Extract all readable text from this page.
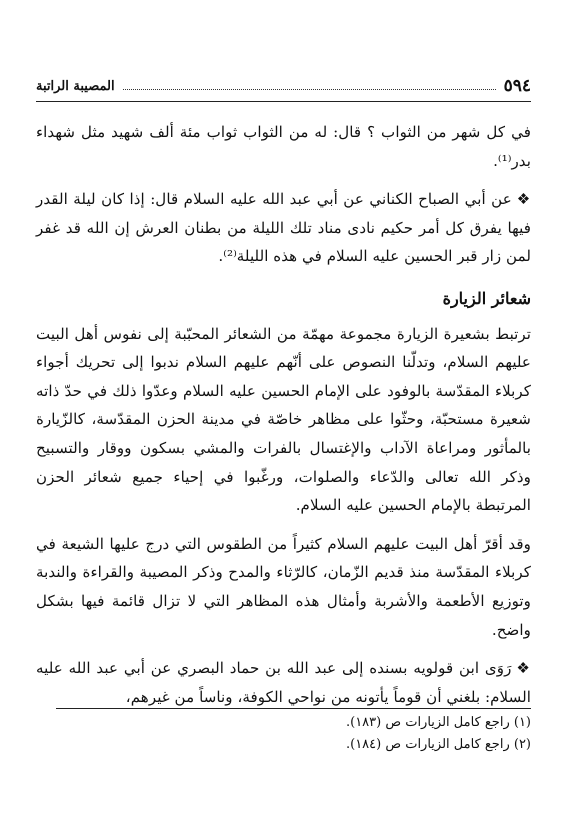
٥٩٤
المصيبة الراتبة

في كل شهر من الثواب ؟ قال: له من الثواب ثواب مئة ألف شهيد مثل شهداء بدر⁽¹⁾.

❖عن أبي الصباح الكناني عن أبي عبد الله عليه السلام قال: إذا كان ليلة القدر فيها يفرق كل أمر حكيم نادى مناد تلك الليلة من بطنان العرش إن الله قد غفر لمن زار قبر الحسين عليه السلام في هذه الليلة⁽²⁾.

شعائر الزيارة

ترتبط بشعيرة الزيارة مجموعة مهمّة من الشعائر المحبّبة إلى نفوس أهل البيت عليهم السلام، وتدلّنا النصوص على أنّهم عليهم السلام ندبوا إلى تحريك أجواء كربلاء المقدّسة بالوفود على الإمام الحسين عليه السلام وعدّوا ذلك في حدّ ذاته شعيرة مستحبّة، وحثّوا على مظاهر خاصّة في مدينة الحزن المقدّسة، كالزّيارة بالمأثور ومراعاة الآداب والإغتسال بالفرات والمشي بسكون ووقار والتسبيح وذكر الله تعالى والدّعاء والصلوات، ورغّبوا في إحياء جميع شعائر الحزن المرتبطة بالإمام الحسين عليه السلام.

وقد أقرّ أهل البيت عليهم السلام كثيراً من الطقوس التي درج عليها الشيعة في كربلاء المقدّسة منذ قديم الزّمان، كالرّثاء والمدح وذكر المصيبة والقراءة والندبة وتوزيع الأطعمة والأشربة وأمثال هذه المظاهر التي لا تزال قائمة فيها بشكل واضح.

❖رَوَى ابن قولويه بسنده إلى عبد الله بن حماد البصري عن أبي عبد الله عليه السلام: بلغني أن قوماً يأتونه من نواحي الكوفة، وناساً من غيرهم،

(١) راجع كامل الزيارات ص (١٨٣).
(٢) راجع كامل الزيارات ص (١٨٤).
